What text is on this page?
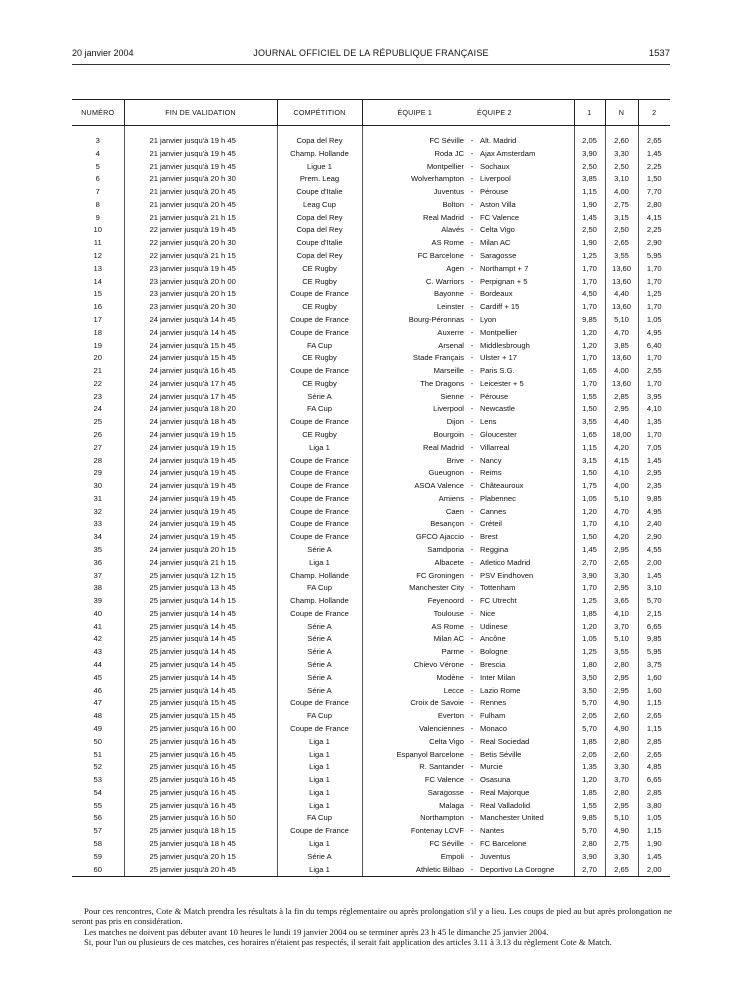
20 janvier 2004	JOURNAL OFFICIEL DE LA RÉPUBLIQUE FRANÇAISE	1537
NUMÉRO	FIN DE VALIDATION	COMPÉTITION	ÉQUIPE 1		ÉQUIPE 2	1	N	2

3	21 janvier jusqu'à 19 h 45	Copa del Rey	FC Séville	-	Alt. Madrid	2,05	2,60	2,65
4	21 janvier jusqu'à 19 h 45	Champ. Hollande	Roda JC	-	Ajax Amsterdam	3,90	3,30	1,45
5	21 janvier jusqu'à 19 h 45	Ligue 1	Montpellier	-	Sochaux	2,50	2,50	2,25
6	21 janvier jusqu'à 20 h 30	Prem. Leag	Wolverhampton	-	Liverpool	3,85	3,10	1,50
7	21 janvier jusqu'à 20 h 45	Coupe d'Italie	Juventus	-	Pérouse	1,15	4,00	7,70
8	21 janvier jusqu'à 20 h 45	Leag Cup	Bolton	-	Aston Villa	1,90	2,75	2,80
9	21 janvier jusqu'à 21 h 15	Copa del Rey	Real Madrid	-	FC Valence	1,45	3,15	4,15
10	22 janvier jusqu'à 19 h 45	Copa del Rey	Alavés	-	Celta Vigo	2,50	2,50	2,25
11	22 janvier jusqu'à 20 h 30	Coupe d'Italie	AS Rome	-	Milan AC	1,90	2,65	2,90
12	22 janvier jusqu'à 21 h 15	Copa del Rey	FC Barcelone	-	Saragosse	1,25	3,55	5,95
13	23 janvier jusqu'à 19 h 45	CE Rugby	Agen	-	Northampt + 7	1,70	13,60	1,70
14	23 janvier jusqu'à 20 h 00	CE Rugby	C. Warriors	-	Perpignan + 5	1,70	13,60	1,70
15	23 janvier jusqu'à 20 h 15	Coupe de France	Bayonne	-	Bordeaux	4,50	4,40	1,25
16	23 janvier jusqu'à 20 h 30	CE Rugby	Leinster	-	Cardiff + 15	1,70	13,60	1,70
17	24 janvier jusqu'à 14 h 45	Coupe de France	Bourg-Péronnas	-	Lyon	9,85	5,10	1,05
18	24 janvier jusqu'à 14 h 45	Coupe de France	Auxerre	-	Montpellier	1,20	4,70	4,95
19	24 janvier jusqu'à 15 h 45	FA Cup	Arsenal	-	Middlesbrough	1,20	3,85	6,40
20	24 janvier jusqu'à 15 h 45	CE Rugby	Stade Français	-	Ulster + 17	1,70	13,60	1,70
21	24 janvier jusqu'à 16 h 45	Coupe de France	Marseille	-	Paris S.G.	1,65	4,00	2,55
22	24 janvier jusqu'à 17 h 45	CE Rugby	The Dragons	-	Leicester + 5	1,70	13,60	1,70
23	24 janvier jusqu'à 17 h 45	Série A	Sienne	-	Pérouse	1,55	2,85	3,95
24	24 janvier jusqu'à 18 h 20	FA Cup	Liverpool	-	Newcastle	1,50	2,95	4,10
25	24 janvier jusqu'à 18 h 45	Coupe de France	Dijon	-	Lens	3,55	4,40	1,35
26	24 janvier jusqu'à 19 h 15	CE Rugby	Bourgoin	-	Gloucester	1,65	18,00	1,70
27	24 janvier jusqu'à 19 h 15	Liga 1	Real Madrid	-	Villarreal	1,15	4,20	7,05
28	24 janvier jusqu'à 19 h 45	Coupe de France	Brive	-	Nancy	3,15	4,15	1,45
29	24 janvier jusqu'à 19 h 45	Coupe de France	Gueugnon	-	Reims	1,50	4,10	2,95
30	24 janvier jusqu'à 19 h 45	Coupe de France	ASOA Valence	-	Châteauroux	1,75	4,00	2,35
31	24 janvier jusqu'à 19 h 45	Coupe de France	Amiens	-	Plabennec	1,05	5,10	9,85
32	24 janvier jusqu'à 19 h 45	Coupe de France	Caen	-	Cannes	1,20	4,70	4,95
33	24 janvier jusqu'à 19 h 45	Coupe de France	Besançon	-	Créteil	1,70	4,10	2,40
34	24 janvier jusqu'à 19 h 45	Coupe de France	GFCO Ajaccio	-	Brest	1,50	4,20	2,90
35	24 janvier jusqu'à 20 h 15	Série A	Samdporia	-	Reggina	1,45	2,95	4,55
36	24 janvier jusqu'à 21 h 15	Liga 1	Albacete	-	Atletico Madrid	2,70	2,65	2,00
37	25 janvier jusqu'à 12 h 15	Champ. Hollande	FC Groningen	-	PSV Eindhoven	3,90	3,30	1,45
38	25 janvier jusqu'à 13 h 45	FA Cup	Manchester City	-	Tottenham	1,70	2,95	3,10
39	25 janvier jusqu'à 14 h 15	Champ. Hollande	Feyenoord	-	FC Utrecht	1,25	3,65	5,70
40	25 janvier jusqu'à 14 h 45	Coupe de France	Toulouse	-	Nice	1,85	4,10	2,15
41	25 janvier jusqu'à 14 h 45	Série A	AS Rome	-	Udinese	1,20	3,70	6,65
42	25 janvier jusqu'à 14 h 45	Série A	Milan AC	-	Ancône	1,05	5,10	9,85
43	25 janvier jusqu'à 14 h 45	Série A	Parme	-	Bologne	1,25	3,55	5,95
44	25 janvier jusqu'à 14 h 45	Série A	Chievo Vérone	-	Brescia	1,80	2,80	3,75
45	25 janvier jusqu'à 14 h 45	Série A	Modène	-	Inter Milan	3,50	2,95	1,60
46	25 janvier jusqu'à 14 h 45	Série A	Lecce	-	Lazio Rome	3,50	2,95	1,60
47	25 janvier jusqu'à 15 h 45	Coupe de France	Croix de Savoie	-	Rennes	5,70	4,90	1,15
48	25 janvier jusqu'à 15 h 45	FA Cup	Everton	-	Fulham	2,05	2,60	2,65
49	25 janvier jusqu'à 16 h 00	Coupe de France	Valenciennes	-	Monaco	5,70	4,90	1,15
50	25 janvier jusqu'à 16 h 45	Liga 1	Celta Vigo	-	Real Sociedad	1,85	2,80	2,85
51	25 janvier jusqu'à 16 h 45	Liga 1	Espanyol Barcelone	-	Betis Séville	2,05	2,60	2,65
52	25 janvier jusqu'à 16 h 45	Liga 1	R. Santander	-	Murcie	1,35	3,30	4,85
53	25 janvier jusqu'à 16 h 45	Liga 1	FC Valence	-	Osasuna	1,20	3,70	6,65
54	25 janvier jusqu'à 16 h 45	Liga 1	Saragosse	-	Real Majorque	1,85	2,80	2,85
55	25 janvier jusqu'à 16 h 45	Liga 1	Malaga	-	Real Valladolid	1,55	2,95	3,80
56	25 janvier jusqu'à 16 h 50	FA Cup	Northampton	-	Manchester United	9,85	5,10	1,05
57	25 janvier jusqu'à 18 h 15	Coupe de France	Fontenay LCVF	-	Nantes	5,70	4,90	1,15
58	25 janvier jusqu'à 18 h 45	Liga 1	FC Séville	-	FC Barcelone	2,80	2,75	1,90
59	25 janvier jusqu'à 20 h 15	Série A	Empoli	-	Juventus	3,90	3,30	1,45
60	25 janvier jusqu'à 20 h 45	Liga 1	Athletic Bilbao	-	Deportivo La Corogne	2,70	2,65	2,00

Pour ces rencontres, Cote & Match prendra les résultats à la fin du temps réglementaire ou après prolongation s'il y a lieu. Les coups de pied au but après prolongation ne seront pas pris en considération.

Les matches ne doivent pas débuter avant 10 heures le lundi 19 janvier 2004 ou se terminer après 23 h 45 le dimanche 25 janvier 2004.

Si, pour l'un ou plusieurs de ces matches, ces horaires n'étaient pas respectés, il serait fait application des articles 3.11 à 3.13 du règlement Cote & Match.
